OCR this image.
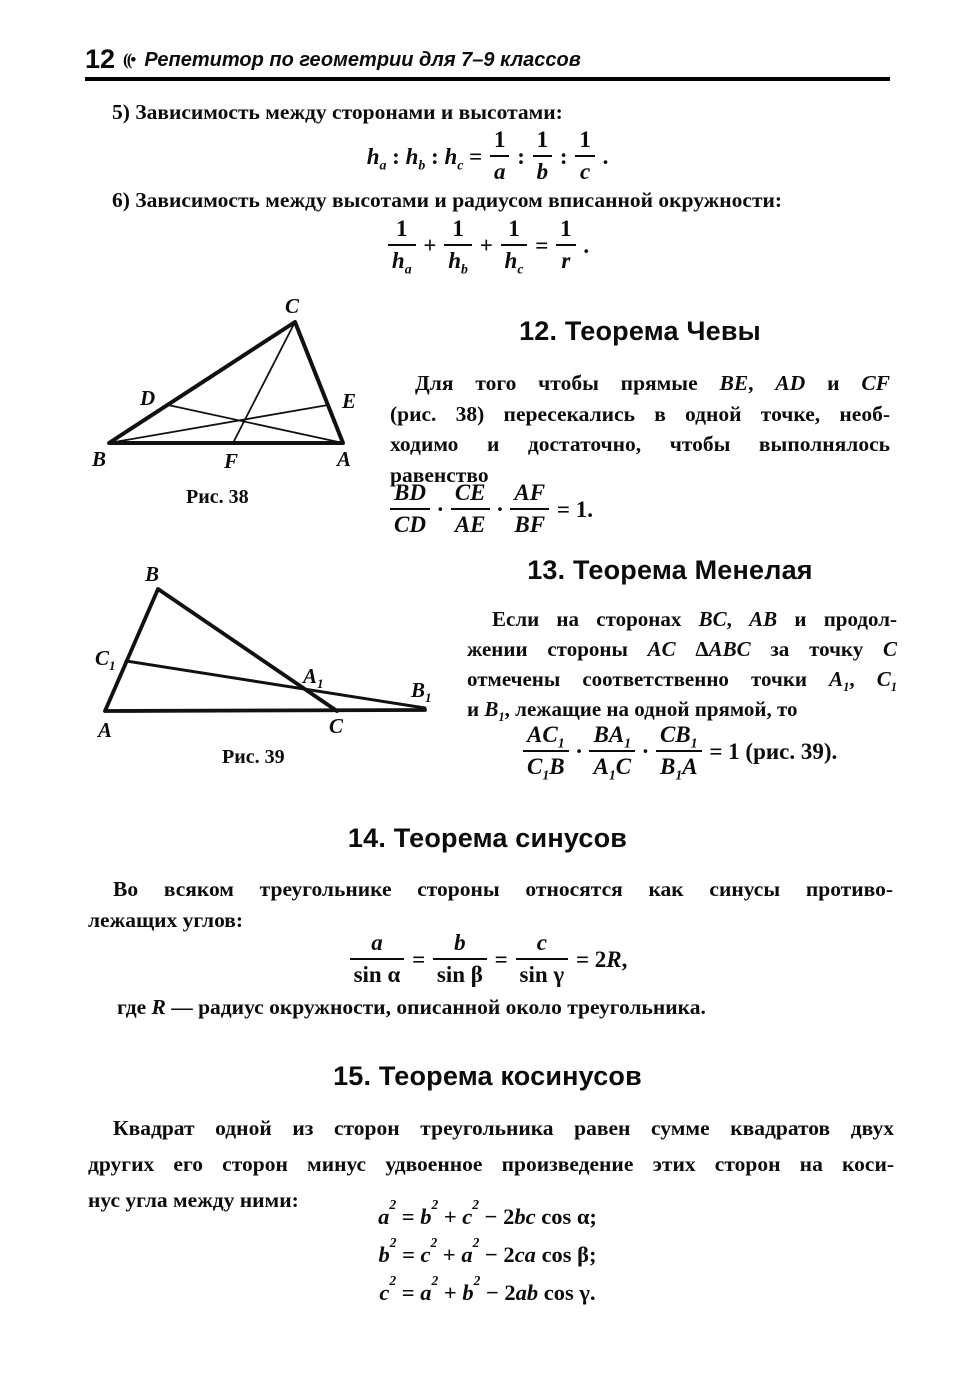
12 ((• Репетитор по геометрии для 7–9 классов
5) Зависимость между сторонами и высотами:
$h_a$ : $h_b$ : $h_c = \frac{1}{a}$ : $\frac{1}{b}$ : $\frac{1}{c}$ .
6) Зависимость между высотами и радиусом вписанной окружности:
$\frac{1}{h_a} + \frac{1}{h_b} + \frac{1}{h_c} = \frac{1}{r}$ .
C
D	E
B	F	A
Рис. 38
12. Теорема Чевы
Для того чтобы прямые BE, AD и CF
(рис. 38) пересекались в одной точке, необ-
ходимо и достаточно, чтобы выполнялось
равенство
$\frac{BD}{CD} \cdot \frac{CE}{AE} \cdot \frac{AF}{BF} = 1$.
B
$C_1$
A
$A_1$
C
$B_1$
Рис. 39
13. Теорема Менелая
Если на сторонах BC, AB и продол-
жении стороны AC ΔABC за точку C
отмечены соответственно точки $A_1$, $C_1$
и $B_1$, лежащие на одной прямой, то
$\frac{AC_1}{C_1B} \cdot \frac{BA_1}{A_1C} \cdot \frac{CB_1}{B_1A} = 1$ (рис. 39).
14. Теорема синусов
Во всяком треугольнике стороны относятся как синусы противо-
лежащих углов:
$\frac{a}{\text{sin α}} = \frac{b}{\text{sin β}} = \frac{c}{\text{sin γ}} = 2R$,
где R — радиус окружности, описанной около треугольника.
15. Теорема косинусов
Квадрат одной из сторон треугольника равен сумме квадратов двух
других его сторон минус удвоенное произведение этих сторон на коси-
нус угла между ними:
$a^2 = b^2 + c^2 - 2bc$ cos α;
$b^2 = c^2 + a^2 - 2ca$ cos β;
$c^2 = a^2 + b^2 - 2ab$ cos γ.
